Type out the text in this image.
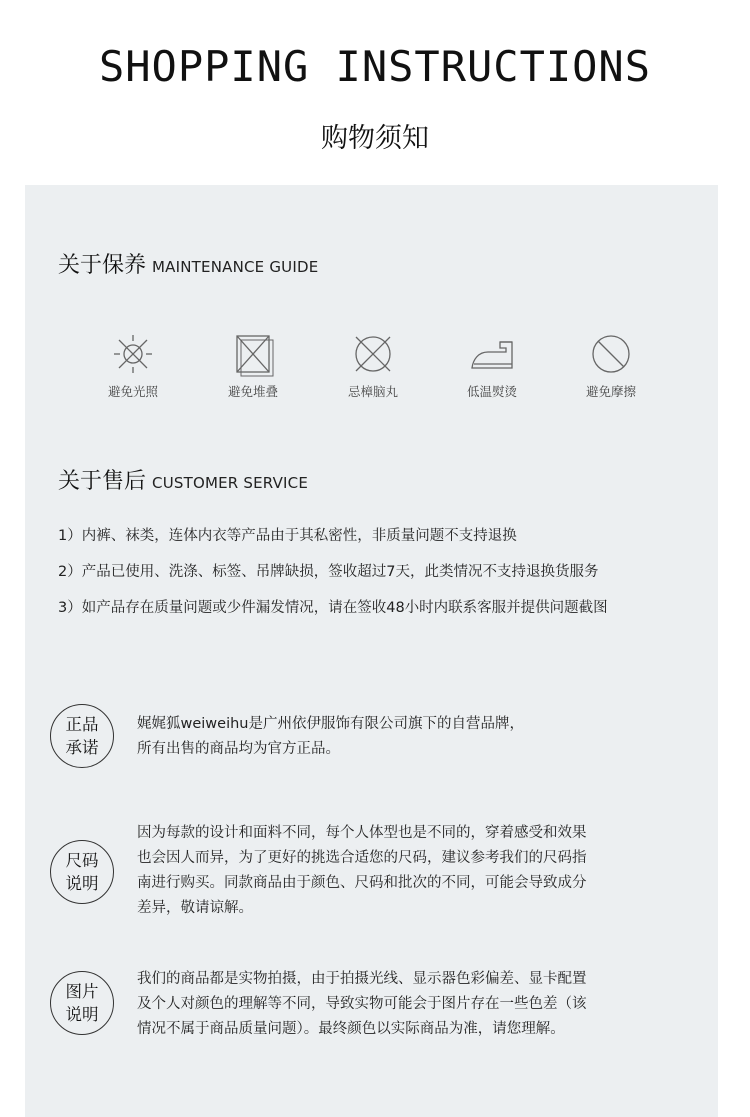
SHOPPING INSTRUCTIONS
购物须知
关于保养 MAINTENANCE GUIDE
避免光照	避免堆叠	忌樟脑丸	低温熨烫	避免摩擦
关于售后 CUSTOMER SERVICE
1）内裤、袜类，连体内衣等产品由于其私密性，非质量问题不支持退换
2）产品已使用、洗涤、标签、吊牌缺损，签收超过7天，此类情况不支持退换货服务
3）如产品存在质量问题或少件漏发情况，请在签收48小时内联系客服并提供问题截图
正品
承诺
娓娓狐weiweihu是广州依伊服饰有限公司旗下的自营品牌，
所有出售的商品均为官方正品。
尺码
说明
因为每款的设计和面料不同，每个人体型也是不同的，穿着感受和效果
也会因人而异，为了更好的挑选合适您的尺码，建议参考我们的尺码指
南进行购买。同款商品由于颜色、尺码和批次的不同，可能会导致成分
差异，敬请谅解。
图片
说明
我们的商品都是实物拍摄，由于拍摄光线、显示器色彩偏差、显卡配置
及个人对颜色的理解等不同，导致实物可能会于图片存在一些色差（该
情况不属于商品质量问题）。最终颜色以实际商品为准，请您理解。
